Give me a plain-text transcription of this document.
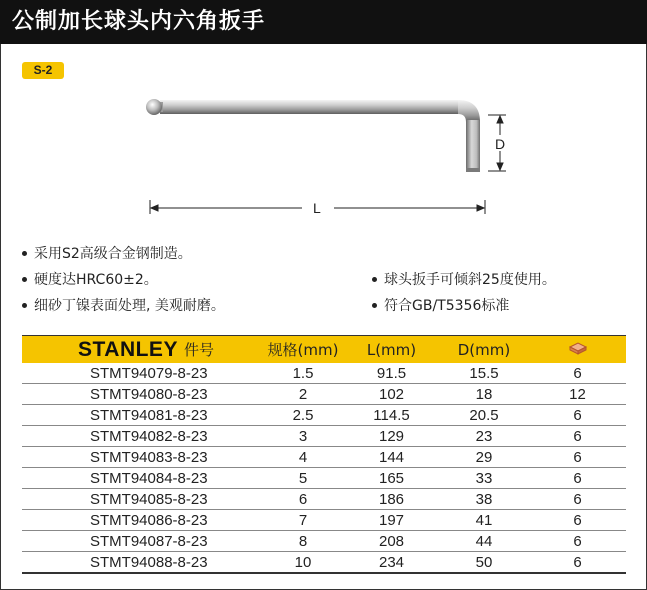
公制加长球头内六角扳手
S-2
D
L
采用S2高级合金钢制造。
硬度达HRC60±2。
细砂丁镍表面处理, 美观耐磨。
球头扳手可倾斜25度使用。
符合GB/T5356标准
STANLEY 件号	规格(mm)	L(mm)	D(mm)	
STMT94079-8-23	1.5	91.5	15.5	6
STMT94080-8-23	2	102	18	12
STMT94081-8-23	2.5	114.5	20.5	6
STMT94082-8-23	3	129	23	6
STMT94083-8-23	4	144	29	6
STMT94084-8-23	5	165	33	6
STMT94085-8-23	6	186	38	6
STMT94086-8-23	7	197	41	6
STMT94087-8-23	8	208	44	6
STMT94088-8-23	10	234	50	6
